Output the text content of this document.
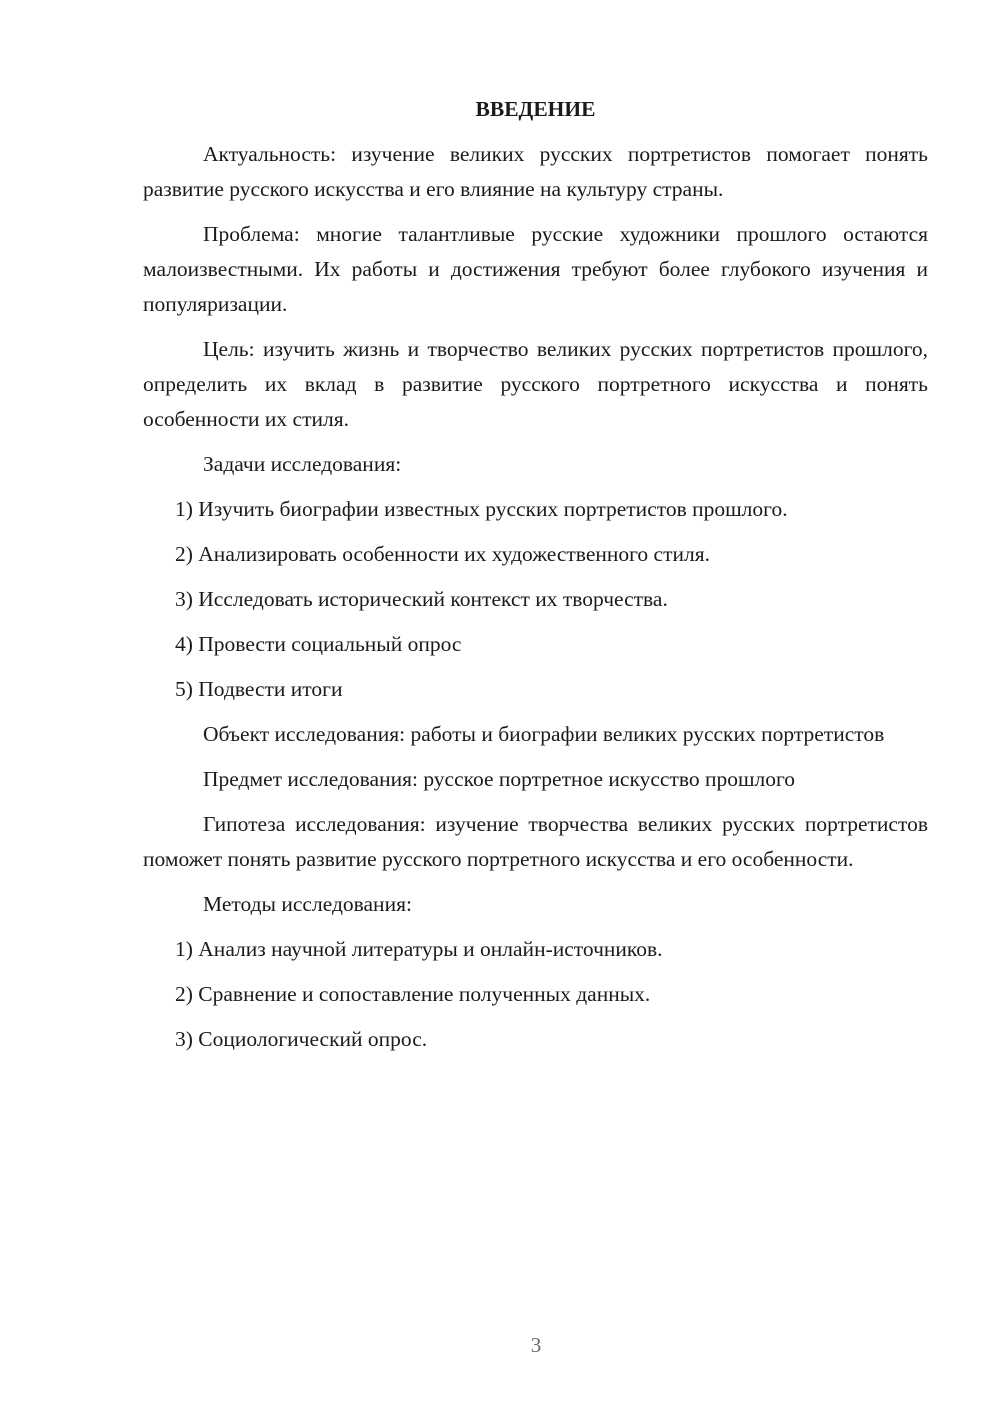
ВВЕДЕНИЕ
Актуальность: изучение великих русских портретистов помогает понять развитие русского искусства и его влияние на культуру страны.
Проблема: многие талантливые русские художники прошлого остаются малоизвестными. Их работы и достижения требуют более глубокого изучения и популяризации.
Цель: изучить жизнь и творчество великих русских портретистов прошлого, определить их вклад в развитие русского портретного искусства и понять особенности их стиля.
Задачи исследования:
1) Изучить биографии известных русских портретистов прошлого.
2) Анализировать особенности их художественного стиля.
3) Исследовать исторический контекст их творчества.
4) Провести социальный опрос
5) Подвести итоги
Объект исследования: работы и биографии великих русских портретистов
Предмет исследования: русское портретное искусство прошлого
Гипотеза исследования: изучение творчества великих русских портретистов поможет понять развитие русского портретного искусства и его особенности.
Методы исследования:
1) Анализ научной литературы и онлайн-источников.
2) Сравнение и сопоставление полученных данных.
3) Социологический опрос.
3
